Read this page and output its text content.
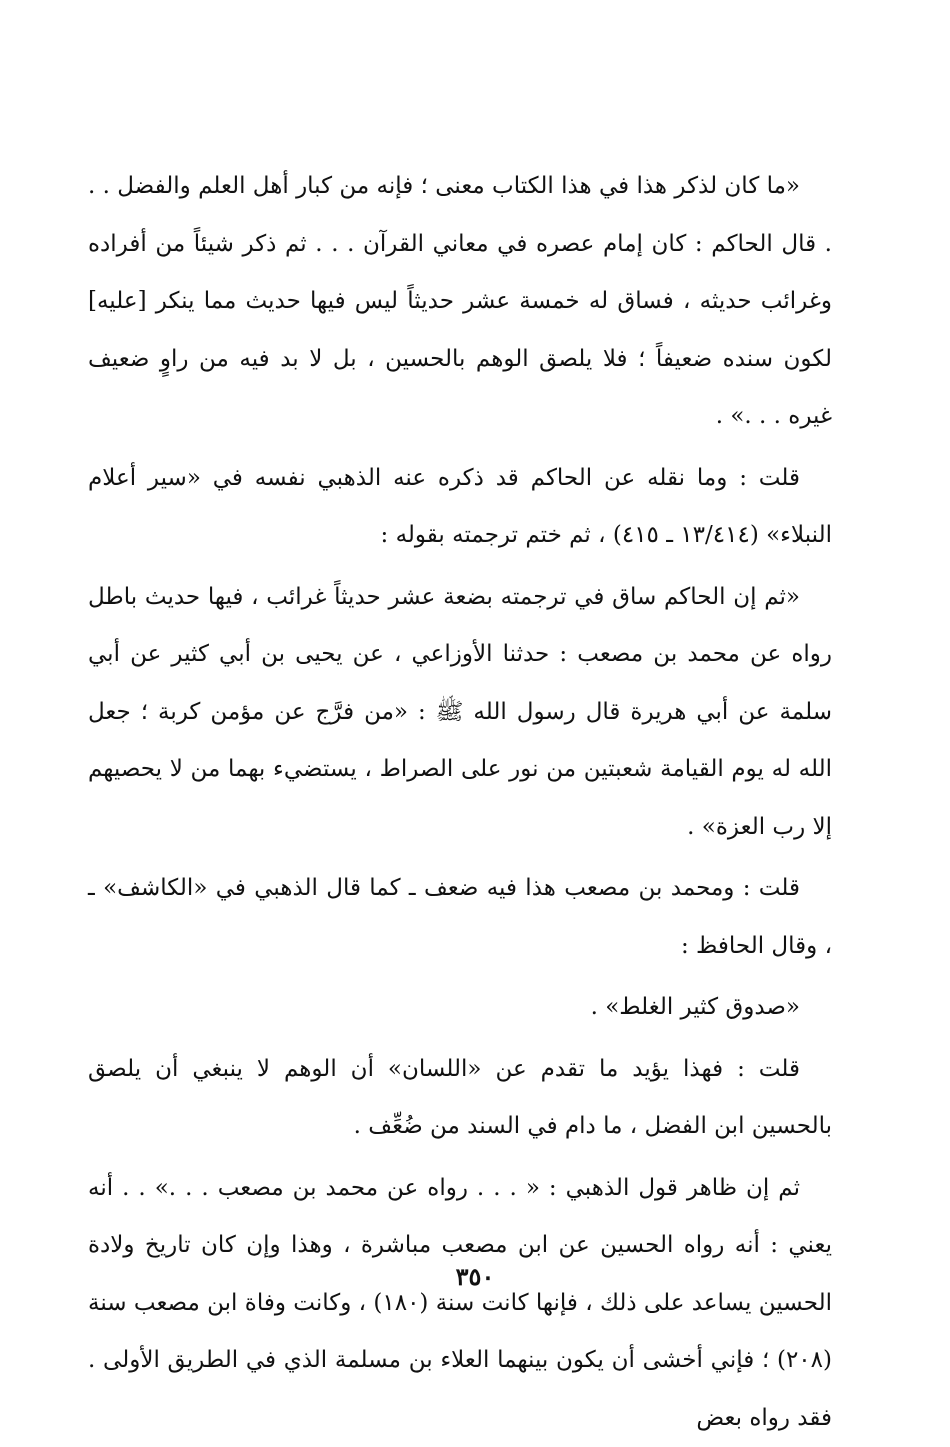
«ما كان لذكر هذا في هذا الكتاب معنى ؛ فإنه من كبار أهل العلم والفضل . . . قال الحاكم : كان إمام عصره في معاني القرآن . . . ثم ذكر شيئاً من أفراده وغرائب حديثه ، فساق له خمسة عشر حديثاً ليس فيها حديث مما ينكر [عليه] لكون سنده ضعيفاً ؛ فلا يلصق الوهم بالحسين ، بل لا بد فيه من راوٍ ضعيف غيره . . .» .

قلت : وما نقله عن الحاكم قد ذكره عنه الذهبي نفسه في «سير أعلام النبلاء» (١٣/٤١٤ ـ ٤١٥) ، ثم ختم ترجمته بقوله :

«ثم إن الحاكم ساق في ترجمته بضعة عشر حديثاً غرائب ، فيها حديث باطل رواه عن محمد بن مصعب : حدثنا الأوزاعي ، عن يحيى بن أبي كثير عن أبي سلمة عن أبي هريرة قال رسول الله ﷺ : «من فرَّج عن مؤمن كربة ؛ جعل الله له يوم القيامة شعبتين من نور على الصراط ، يستضيء بهما من لا يحصيهم إلا رب العزة» .

قلت : ومحمد بن مصعب هذا فيه ضعف ـ كما قال الذهبي في «الكاشف» ـ ، وقال الحافظ :

«صدوق كثير الغلط» .

قلت : فهذا يؤيد ما تقدم عن «اللسان» أن الوهم لا ينبغي أن يلصق بالحسين ابن الفضل ، ما دام في السند من ضُعِّف .

ثم إن ظاهر قول الذهبي : « . . . رواه عن محمد بن مصعب . . .» . . أنه يعني : أنه رواه الحسين عن ابن مصعب مباشرة ، وهذا وإن كان تاريخ ولادة الحسين يساعد على ذلك ، فإنها كانت سنة (١٨٠) ، وكانت وفاة ابن مصعب سنة (٢٠٨) ؛ فإني أخشى أن يكون بينهما العلاء بن مسلمة الذي في الطريق الأولى . فقد رواه بعض

٣٥٠
